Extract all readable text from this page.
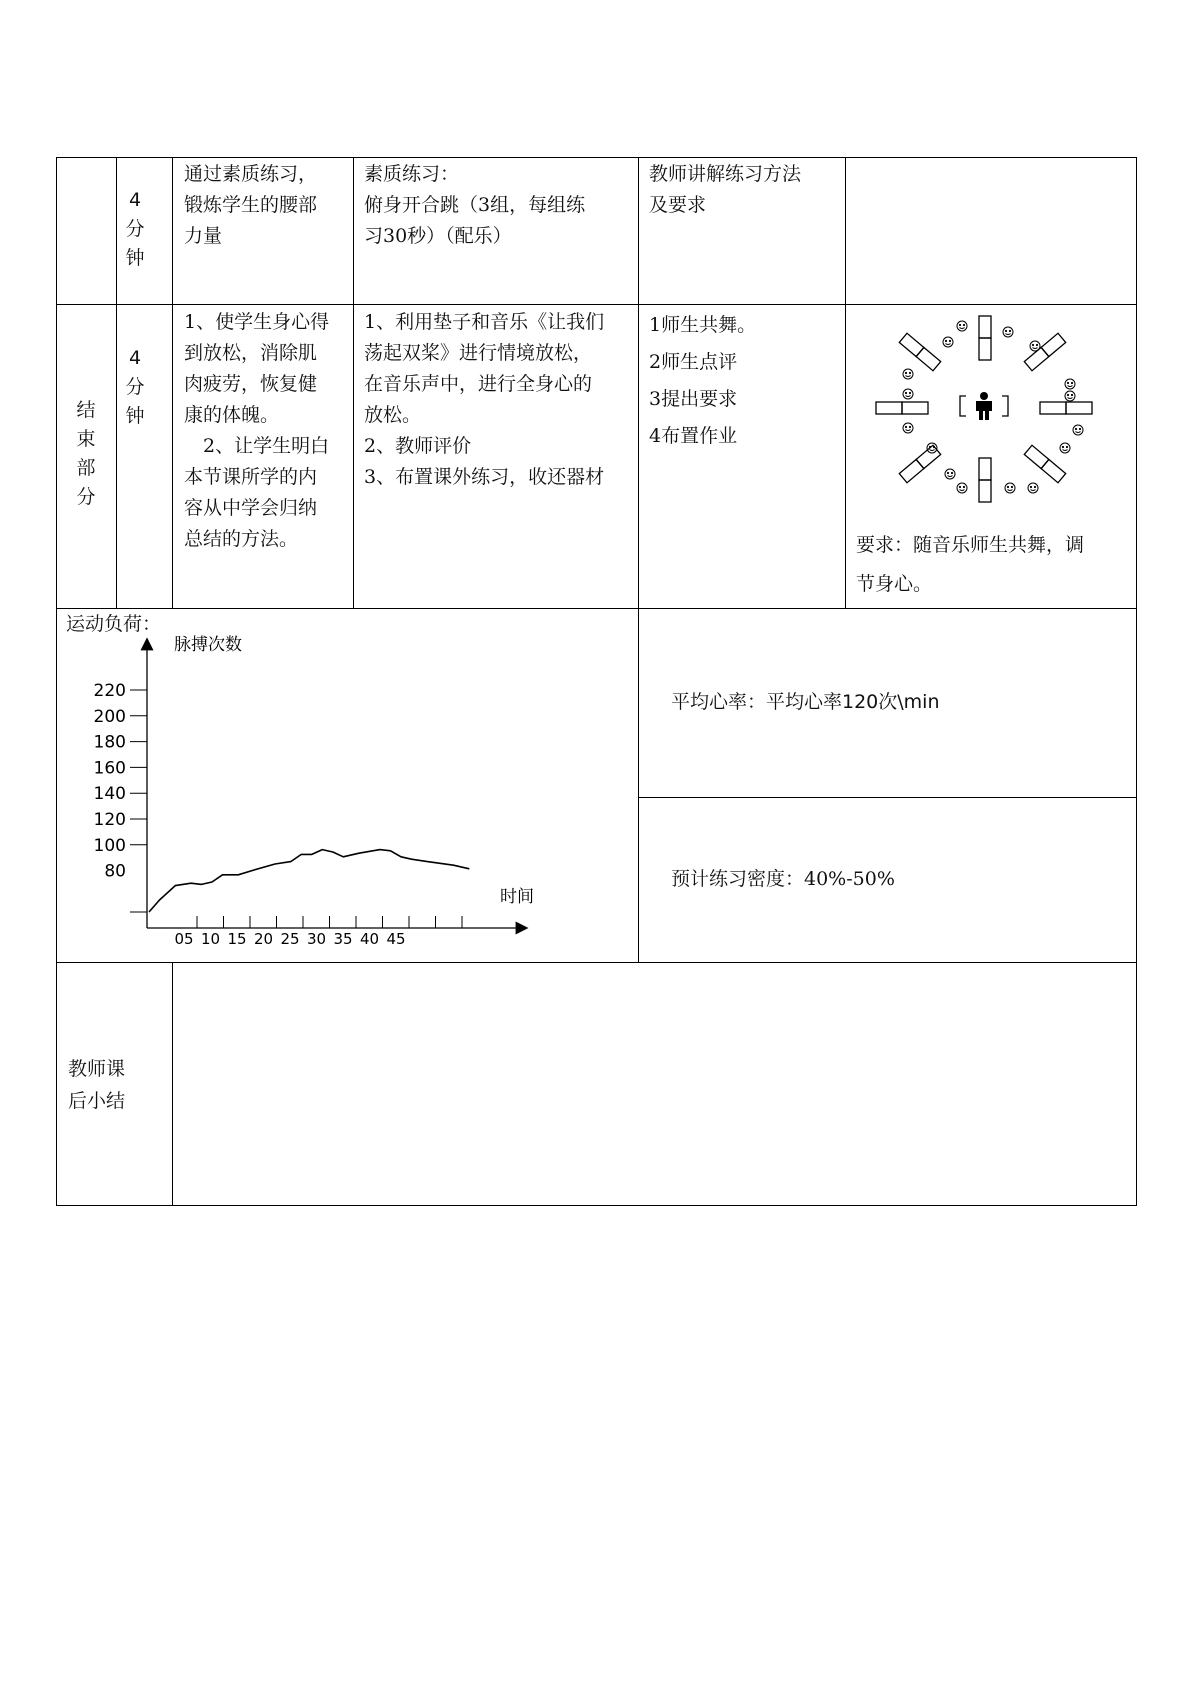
4
分
钟
通过素质练习，
锻炼学生的腰部
力量
素质练习：
俯身开合跳（3组，每组练
习30秒）（配乐）
教师讲解练习方法
及要求
结
束
部
分
4
分
钟
1、使学生身心得
到放松，消除肌
肉疲劳，恢复健
康的体魄。
　2、让学生明白
本节课所学的内
容从中学会归纳
总结的方法。
1、利用垫子和音乐《让我们
荡起双桨》进行情境放松，
在音乐声中，进行全身心的
放松。
2、教师评价
3、布置课外练习，收还器材
1师生共舞。
2师生点评
3提出要求
4布置作业
要求：随音乐师生共舞，调
节身心。
运动负荷：
脉搏次数
时间
220
200
180
160
140
120
100
80
05 10 15 20 25 30 35 40 45
平均心率：平均心率120次\min
预计练习密度：40%-50%
教师课
后小结
